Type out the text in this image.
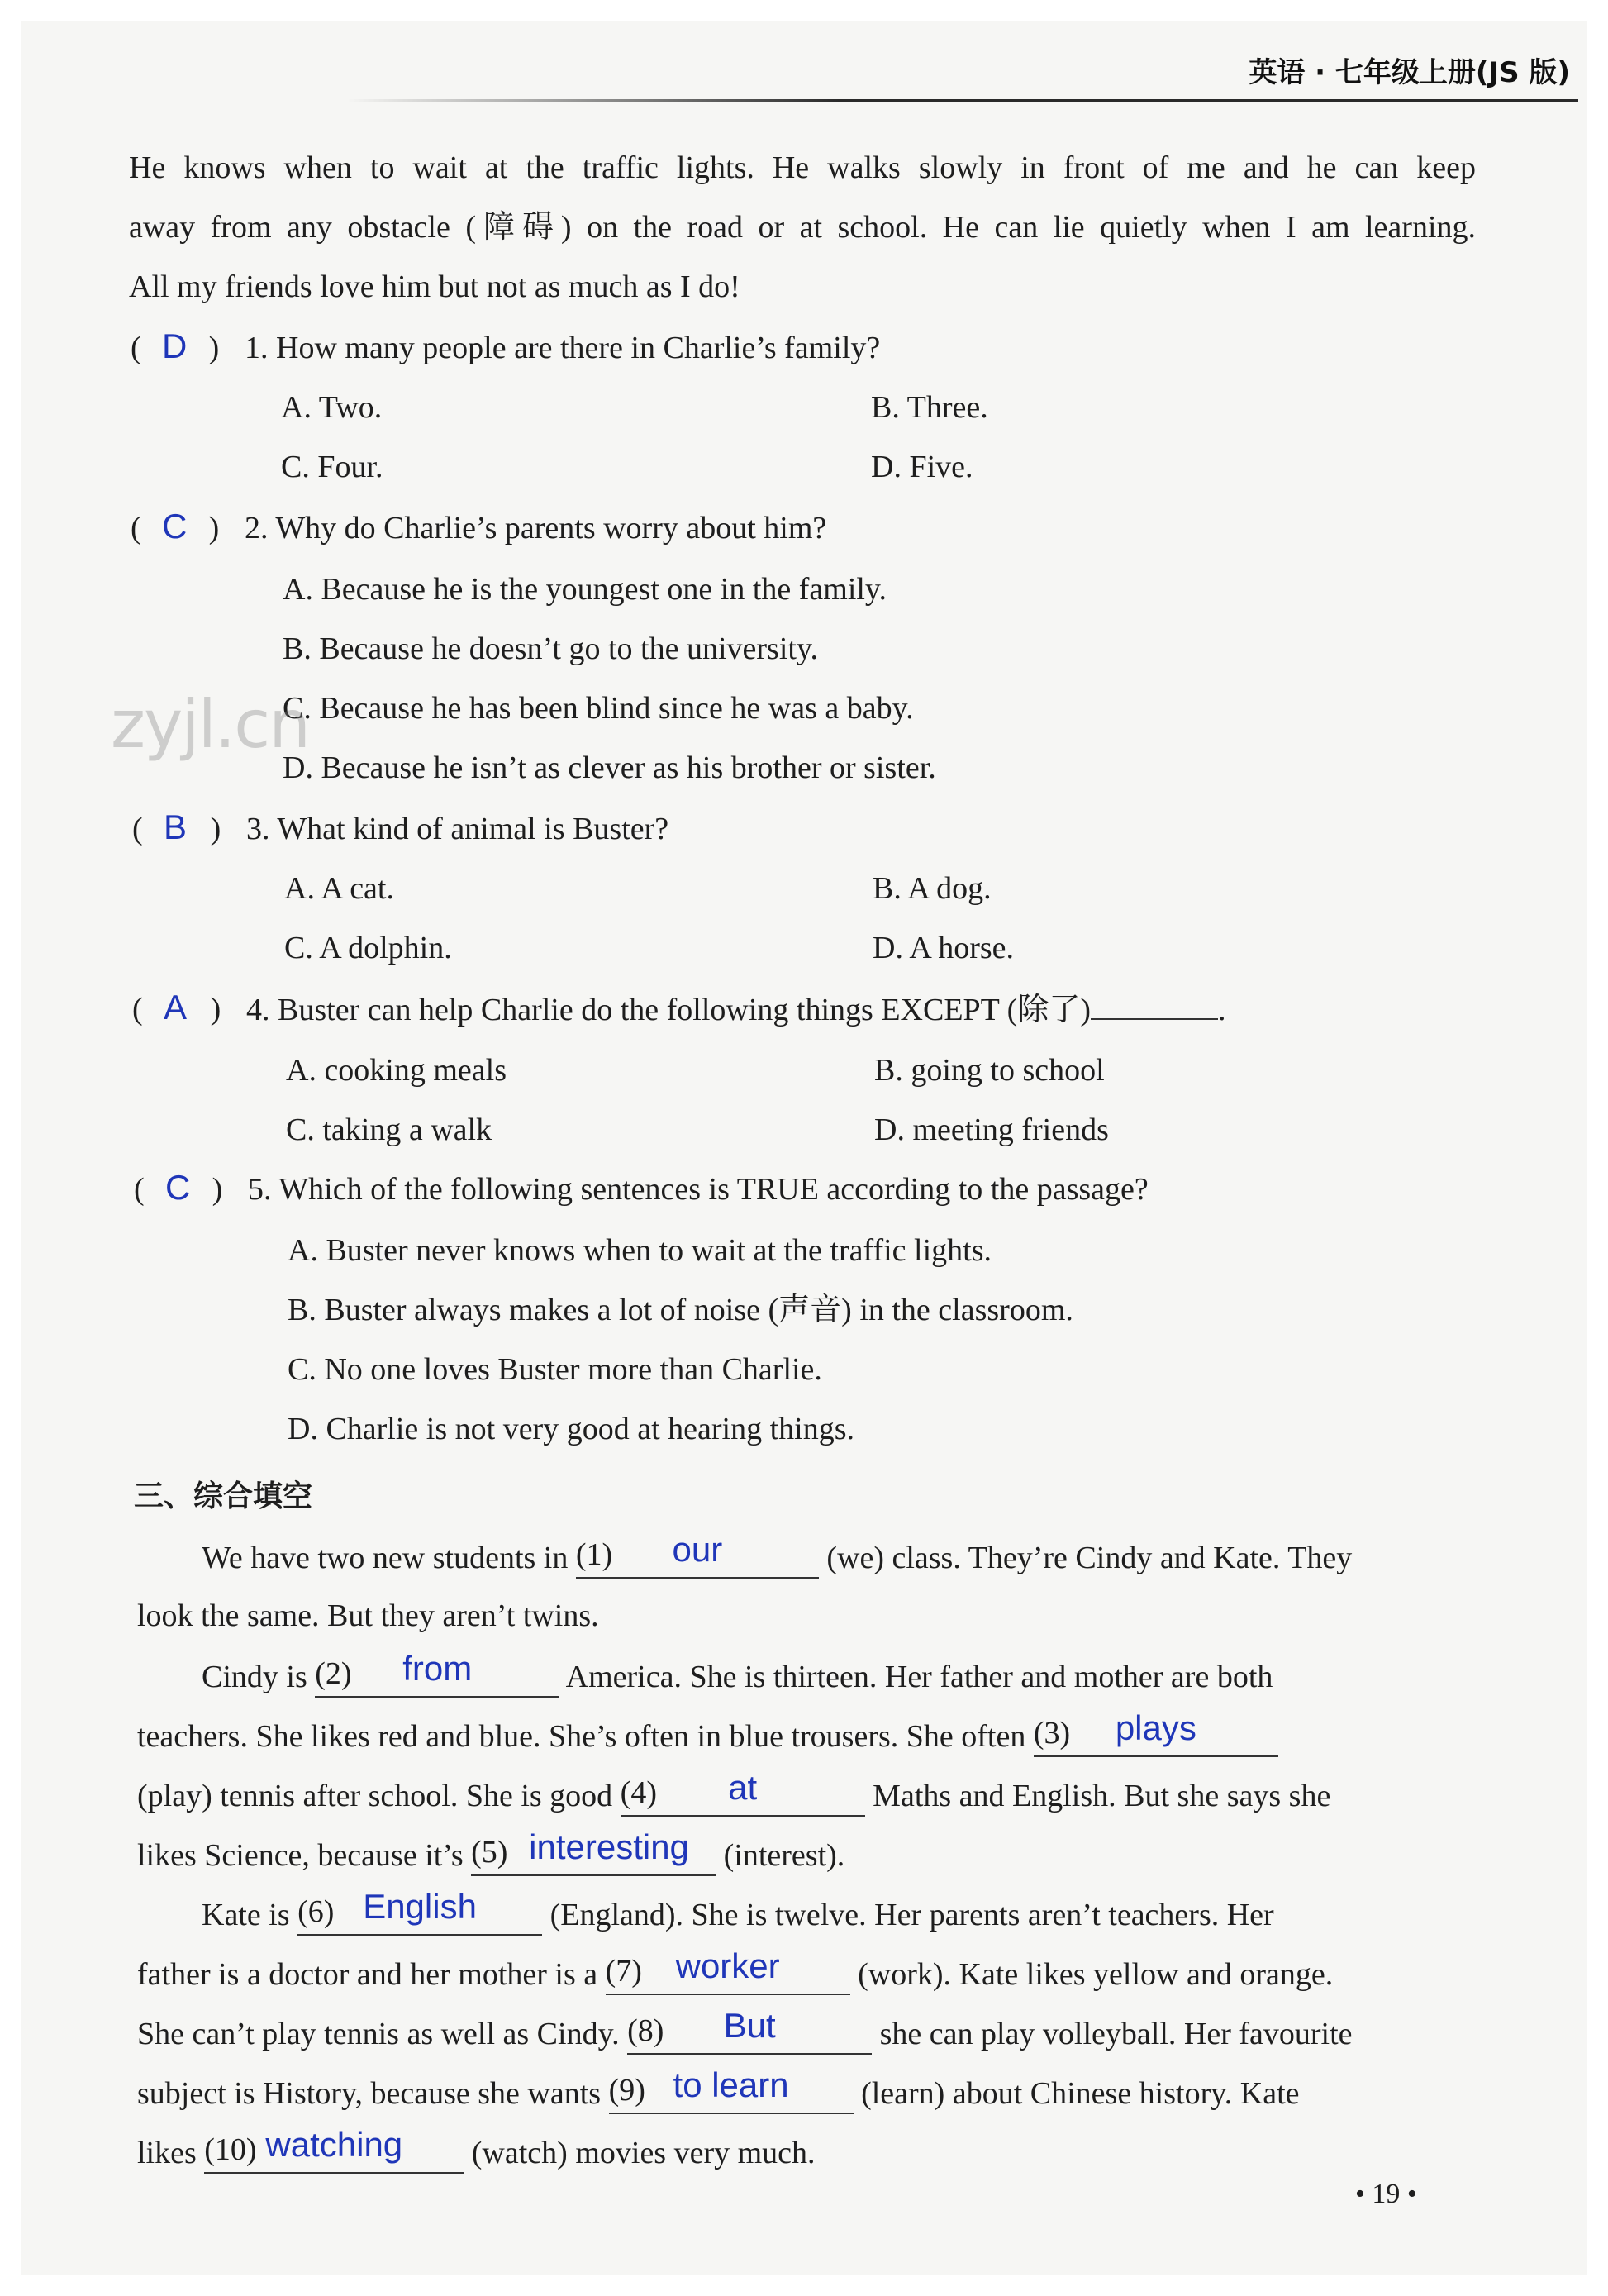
英语 · 七年级上册(JS 版)
He knows when to wait at the traffic lights. He walks slowly in front of me and he can keep
away from any obstacle (障碍) on the road or at school. He can lie quietly when I am learning.
All my friends love him but not as much as I do!
( )
D 1. How many people are there in Charlie’s family?
A. Two.	B. Three.
C. Four.	D. Five.
( )
C 2. Why do Charlie’s parents worry about him?
A. Because he is the youngest one in the family.
B. Because he doesn’t go to the university.
C. Because he has been blind since he was a baby.
D. Because he isn’t as clever as his brother or sister.
zyjl.cn
( )
B 3. What kind of animal is Buster?
A. A cat.	B. A dog.
C. A dolphin.	D. A horse.
( )
A 4. Buster can help Charlie do the following things EXCEPT (除了)	.
A. cooking meals	B. going to school
C. taking a walk	D. meeting friends
( )
C 5. Which of the following sentences is TRUE according to the passage?
A. Buster never knows when to wait at the traffic lights.
B. Buster always makes a lot of noise (声音) in the classroom.
C. No one loves Buster more than Charlie.
D. Charlie is not very good at hearing things.
三、综合填空
We have two new students in (1)	our	(we) class. They’re Cindy and Kate. They
look the same. But they aren’t twins.
Cindy is (2)	from	America. She is thirteen. Her father and mother are both
teachers. She likes red and blue. She’s often in blue trousers. She often (3)	plays
(play) tennis after school. She is good (4)	at	Maths and English. But she says she
likes Science, because it’s (5) interesting	(interest).
Kate is (6) English	(England). She is twelve. Her parents aren’t teachers. Her
father is a doctor and her mother is a (7) worker	(work). Kate likes yellow and orange.
She can’t play tennis as well as Cindy. (8)	But	she can play volleyball. Her favourite
subject is History, because she wants (9) to learn	(learn) about Chinese history. Kate
likes (10) watching	(watch) movies very much.
• 19 •
